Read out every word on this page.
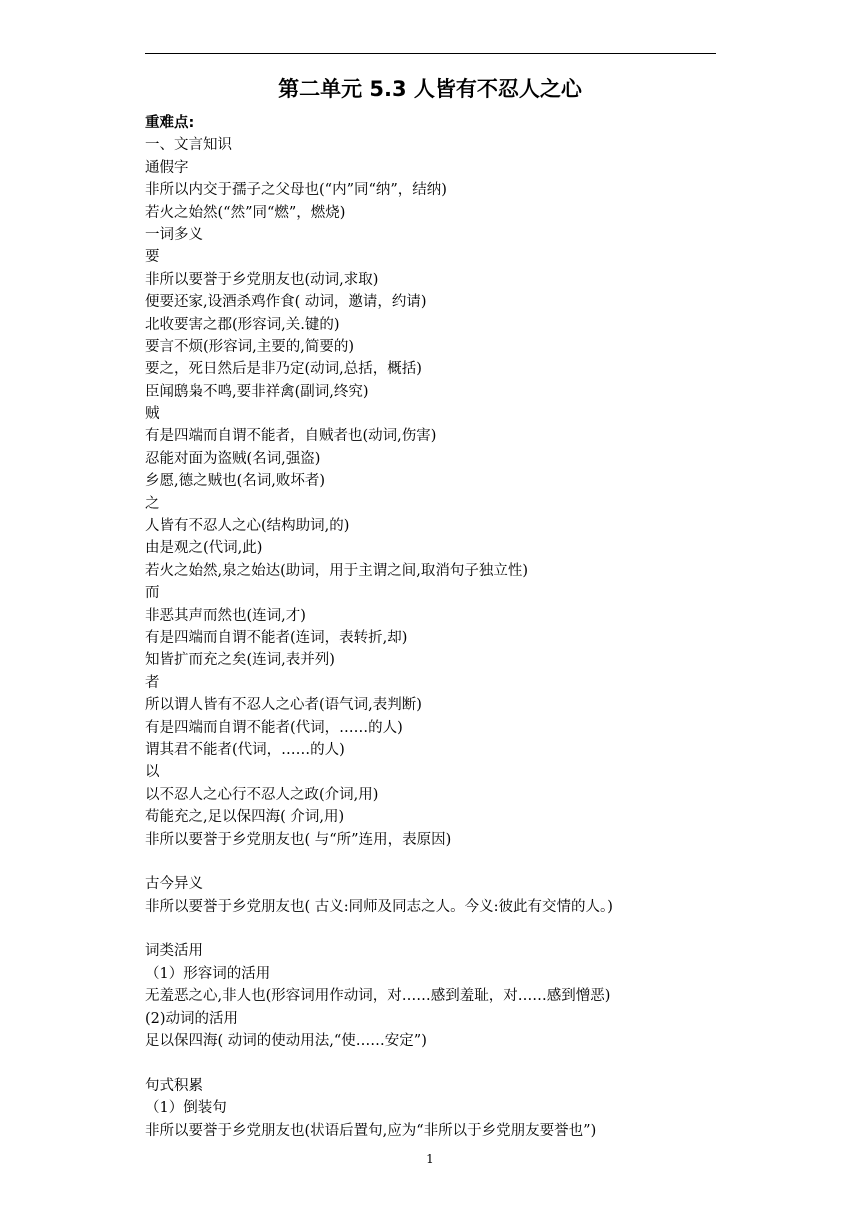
第二单元 5.3 人皆有不忍人之心
重难点:
一、文言知识
通假字
非所以内交于孺子之父母也(“内”同“纳”，结纳)
若火之始然(“然”同“燃”，燃烧)
一词多义
要
非所以要誉于乡党朋友也(动词,求取)
便要还家,设酒杀鸡作食( 动词，邀请，约请)
北收要害之郡(形容词,关.键的)
要言不烦(形容词,主要的,简要的)
要之，死日然后是非乃定(动词,总括，概括)
臣闻鸱枭不鸣,要非祥禽(副词,终究)
贼
有是四端而自谓不能者，自贼者也(动词,伤害)
忍能对面为盗贼(名词,强盗)
乡愿,德之贼也(名词,败坏者)
之
人皆有不忍人之心(结构助词,的)
由是观之(代词,此)
若火之始然,泉之始达(助词，用于主谓之间,取消句子独立性)
而
非恶其声而然也(连词,才)
有是四端而自谓不能者(连词，表转折,却)
知皆扩而充之矣(连词,表并列)
者
所以谓人皆有不忍人之心者(语气词,表判断)
有是四端而自谓不能者(代词，……的人)
谓其君不能者(代词，……的人)
以
以不忍人之心行不忍人之政(介词,用)
苟能充之,足以保四海( 介词,用)
非所以要誉于乡党朋友也( 与“所”连用，表原因)
古今异义
非所以要誉于乡党朋友也( 古义:同师及同志之人。今义:彼此有交情的人。)
词类活用
（1）形容词的活用
无羞恶之心,非人也(形容词用作动词，对……感到羞耻，对……感到憎恶)
(2)动词的活用
足以保四海( 动词的使动用法,“使……安定”)
句式积累
（1）倒装句
非所以要誉于乡党朋友也(状语后置句,应为“非所以于乡党朋友要誉也”)
1
